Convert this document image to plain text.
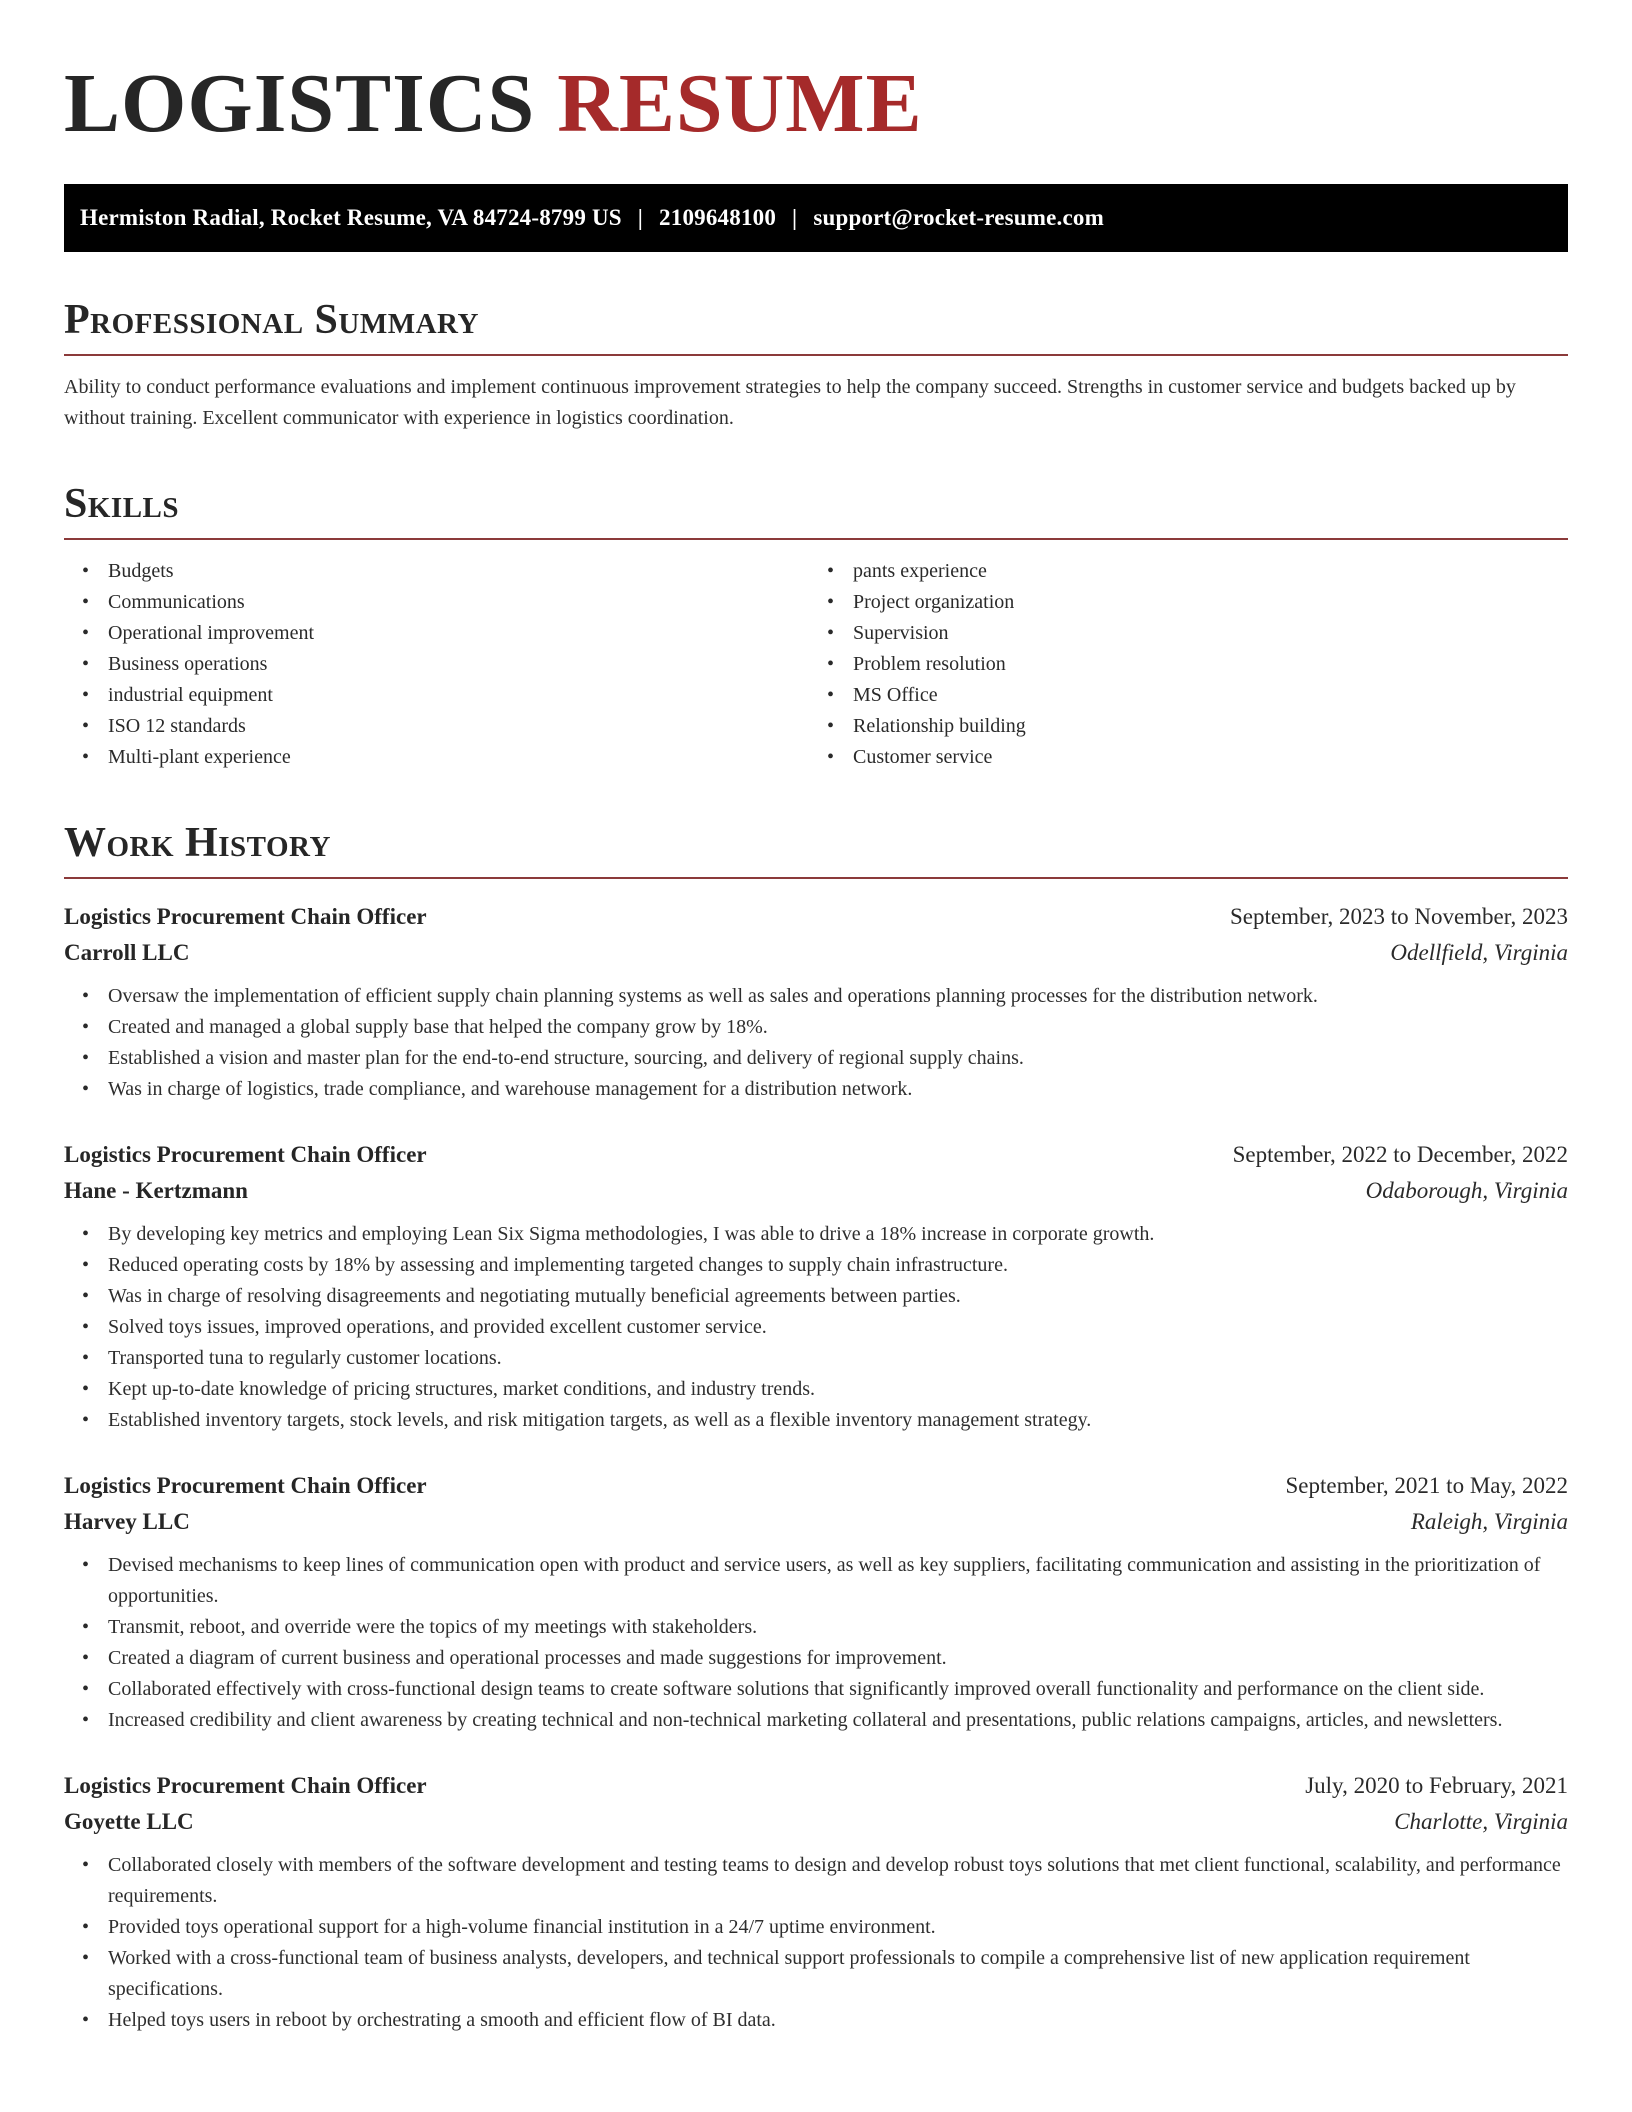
LOGISTICS RESUME
Hermiston Radial, Rocket Resume, VA 84724-8799 US | 2109648100 | support@rocket-resume.com
Professional Summary
Ability to conduct performance evaluations and implement continuous improvement strategies to help the company succeed. Strengths in customer service and budgets backed up by without training. Excellent communicator with experience in logistics coordination.
Skills
• Budgets
• Communications
• Operational improvement
• Business operations
• industrial equipment
• ISO 12 standards
• Multi-plant experience
• pants experience
• Project organization
• Supervision
• Problem resolution
• MS Office
• Relationship building
• Customer service
Work History
Logistics Procurement Chain Officer	September, 2023 to November, 2023
Carroll LLC	Odellfield, Virginia
• Oversaw the implementation of efficient supply chain planning systems as well as sales and operations planning processes for the distribution network.
• Created and managed a global supply base that helped the company grow by 18%.
• Established a vision and master plan for the end-to-end structure, sourcing, and delivery of regional supply chains.
• Was in charge of logistics, trade compliance, and warehouse management for a distribution network.
Logistics Procurement Chain Officer	September, 2022 to December, 2022
Hane - Kertzmann	Odaborough, Virginia
• By developing key metrics and employing Lean Six Sigma methodologies, I was able to drive a 18% increase in corporate growth.
• Reduced operating costs by 18% by assessing and implementing targeted changes to supply chain infrastructure.
• Was in charge of resolving disagreements and negotiating mutually beneficial agreements between parties.
• Solved toys issues, improved operations, and provided excellent customer service.
• Transported tuna to regularly customer locations.
• Kept up-to-date knowledge of pricing structures, market conditions, and industry trends.
• Established inventory targets, stock levels, and risk mitigation targets, as well as a flexible inventory management strategy.
Logistics Procurement Chain Officer	September, 2021 to May, 2022
Harvey LLC	Raleigh, Virginia
• Devised mechanisms to keep lines of communication open with product and service users, as well as key suppliers, facilitating communication and assisting in the prioritization of opportunities.
• Transmit, reboot, and override were the topics of my meetings with stakeholders.
• Created a diagram of current business and operational processes and made suggestions for improvement.
• Collaborated effectively with cross-functional design teams to create software solutions that significantly improved overall functionality and performance on the client side.
• Increased credibility and client awareness by creating technical and non-technical marketing collateral and presentations, public relations campaigns, articles, and newsletters.
Logistics Procurement Chain Officer	July, 2020 to February, 2021
Goyette LLC	Charlotte, Virginia
• Collaborated closely with members of the software development and testing teams to design and develop robust toys solutions that met client functional, scalability, and performance requirements.
• Provided toys operational support for a high-volume financial institution in a 24/7 uptime environment.
• Worked with a cross-functional team of business analysts, developers, and technical support professionals to compile a comprehensive list of new application requirement specifications.
• Helped toys users in reboot by orchestrating a smooth and efficient flow of BI data.
